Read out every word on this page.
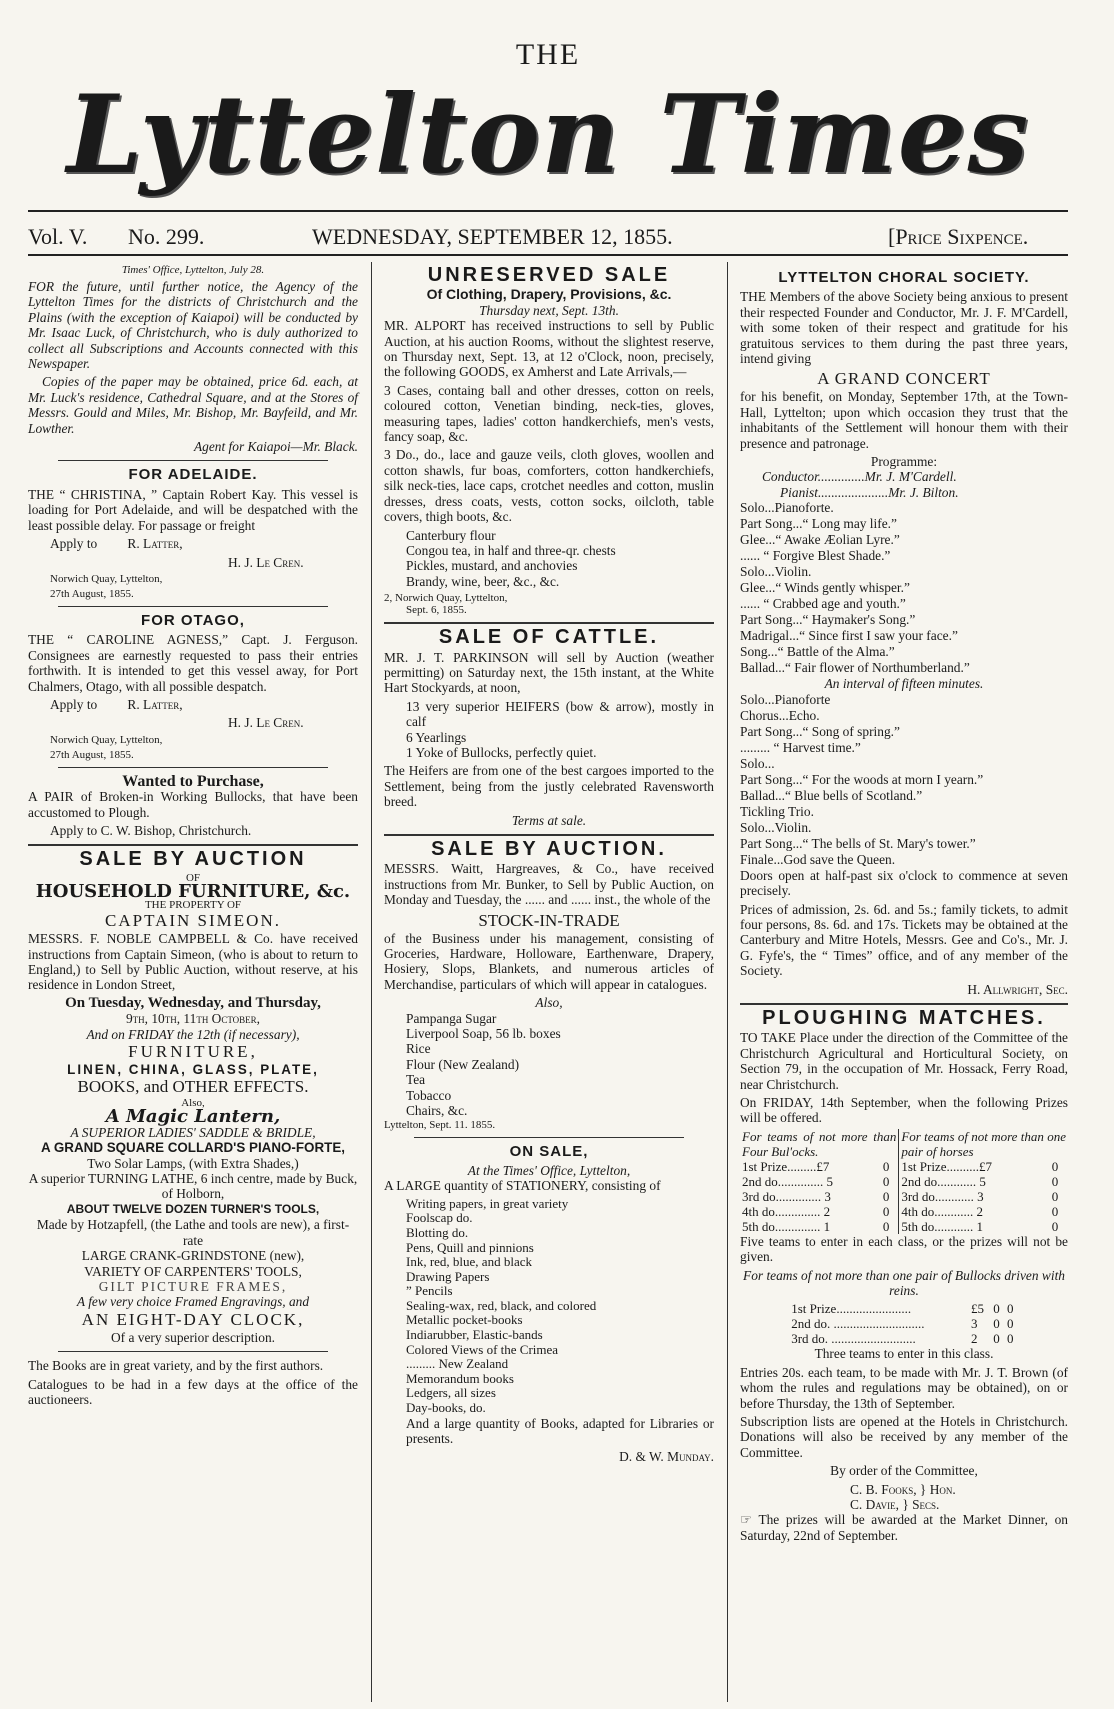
THE
Lyttelton Times
Vol. V. No. 299.	WEDNESDAY, SEPTEMBER 12, 1855.	[Price Sixpence.

Times' Office, Lyttelton, July 28.

FOR the future, until further notice, the Agency of the Lyttelton Times for the districts of Christchurch and the Plains (with the exception of Kaiapoi) will be conducted by Mr. Isaac Luck, of Christchurch, who is duly authorized to collect all Subscriptions and Accounts connected with this Newspaper.

Copies of the paper may be obtained, price 6d. each, at Mr. Luck's residence, Cathedral Square, and at the Stores of Messrs. Gould and Miles, Mr. Bishop, Mr. Bayfeild, and Mr. Lowther.

Agent for Kaiapoi—Mr. Black.

FOR ADELAIDE.

THE “ CHRISTINA, ” Captain Robert Kay. This vessel is loading for Port Adelaide, and will be despatched with the least possible delay. For passage or freight

Apply to R. Latter,

H. J. Le Cren.

Norwich Quay, Lyttelton,

27th August, 1855.

FOR OTAGO,

THE “ CAROLINE AGNESS,” Capt. J. Ferguson. Consignees are earnestly requested to pass their entries forthwith. It is intended to get this vessel away, for Port Chalmers, Otago, with all possible despatch.

Apply to R. Latter,

H. J. Le Cren.

Norwich Quay, Lyttelton,

27th August, 1855.

Wanted to Purchase,

A PAIR of Broken-in Working Bullocks, that have been accustomed to Plough.

Apply to C. W. Bishop, Christchurch.

SALE BY AUCTION
OF
HOUSEHOLD FURNITURE, &c.
THE PROPERTY OF
CAPTAIN SIMEON.

MESSRS. F. NOBLE CAMPBELL & Co. have received instructions from Captain Simeon, (who is about to return to England,) to Sell by Public Auction, without reserve, at his residence in London Street,

On Tuesday, Wednesday, and Thursday,
9th, 10th, 11th October,
And on FRIDAY the 12th (if necessary),
FURNITURE,
LINEN, CHINA, GLASS, PLATE,
BOOKS, and OTHER EFFECTS.
Also,
A Magic Lantern,
A SUPERIOR LADIES' SADDLE & BRIDLE,
A GRAND SQUARE COLLARD'S PIANO-FORTE,
Two Solar Lamps, (with Extra Shades,)
A superior TURNING LATHE, 6 inch centre, made by Buck, of Holborn,
ABOUT TWELVE DOZEN TURNER'S TOOLS,
Made by Hotzapfell, (the Lathe and tools are new), a first-rate
LARGE CRANK-GRINDSTONE (new),
VARIETY OF CARPENTERS' TOOLS,
GILT PICTURE FRAMES,
A few very choice Framed Engravings, and
AN EIGHT-DAY CLOCK,
Of a very superior description.

The Books are in great variety, and by the first authors.

Catalogues to be had in a few days at the office of the auctioneers.

UNRESERVED SALE
Of Clothing, Drapery, Provisions, &c.
Thursday next, Sept. 13th.

MR. ALPORT has received instructions to sell by Public Auction, at his auction Rooms, without the slightest reserve, on Thursday next, Sept. 13, at 12 o'Clock, noon, precisely, the following GOODS, ex Amherst and Late Arrivals,—

3 Cases, containg ball and other dresses, cotton on reels, coloured cotton, Venetian binding, neck-ties, gloves, measuring tapes, ladies' cotton handkerchiefs, men's vests, fancy soap, &c.

3 Do., do., lace and gauze veils, cloth gloves, woollen and cotton shawls, fur boas, comforters, cotton handkerchiefs, silk neck-ties, lace caps, crotchet needles and cotton, muslin dresses, dress coats, vests, cotton socks, oilcloth, table covers, thigh boots, &c.

Canterbury flour

Congou tea, in half and three-qr. chests

Pickles, mustard, and anchovies

Brandy, wine, beer, &c., &c.

2, Norwich Quay, Lyttelton,

Sept. 6, 1855.

SALE OF CATTLE.

MR. J. T. PARKINSON will sell by Auction (weather permitting) on Saturday next, the 15th instant, at the White Hart Stockyards, at noon,

13 very superior HEIFERS (bow & arrow), mostly in calf

6 Yearlings

1 Yoke of Bullocks, perfectly quiet.

The Heifers are from one of the best cargoes imported to the Settlement, being from the justly celebrated Ravensworth breed.

Terms at sale.

SALE BY AUCTION.

MESSRS. Waitt, Hargreaves, & Co., have received instructions from Mr. Bunker, to Sell by Public Auction, on Monday and Tuesday, the ...... and ...... inst., the whole of the

STOCK-IN-TRADE

of the Business under his management, consisting of Groceries, Hardware, Holloware, Earthenware, Drapery, Hosiery, Slops, Blankets, and numerous articles of Merchandise, particulars of which will appear in catalogues.

Also,
Pampanga Sugar
Liverpool Soap, 56 lb. boxes
Rice
Flour (New Zealand)
Tea
Tobacco
Chairs, &c.

Lyttelton, Sept. 11. 1855.

ON SALE,
At the Times' Office, Lyttelton,

A LARGE quantity of STATIONERY, consisting of

Writing papers, in great variety
Foolscap do.
Blotting do.
Pens, Quill and pinnions
Ink, red, blue, and black
Drawing Papers
” Pencils
Sealing-wax, red, black, and colored
Metallic pocket-books
Indiarubber, Elastic-bands
Colored Views of the Crimea
......... New Zealand
Memorandum books
Ledgers, all sizes
Day-books, do.

And a large quantity of Books, adapted for Libraries or presents.

D. & W. Munday.

LYTTELTON CHORAL SOCIETY.

THE Members of the above Society being anxious to present their respected Founder and Conductor, Mr. J. F. M'Cardell, with some token of their respect and gratitude for his gratuitous services to them during the past three years, intend giving

A GRAND CONCERT

for his benefit, on Monday, September 17th, at the Town-Hall, Lyttelton; upon which occasion they trust that the inhabitants of the Settlement will honour them with their presence and patronage.

Programme:
Conductor..............Mr. J. M'Cardell.
Pianist.....................Mr. J. Bilton.
Solo...Pianoforte.
Part Song...“ Long may life.”
Glee...“ Awake Æolian Lyre.”
...... “ Forgive Blest Shade.”
Solo...Violin.
Glee...“ Winds gently whisper.”
...... “ Crabbed age and youth.”
Part Song...“ Haymaker's Song.”
Madrigal...“ Since first I saw your face.”
Song...“ Battle of the Alma.”
Ballad...“ Fair flower of Northumberland.”
An interval of fifteen minutes.
Solo...Pianoforte
Chorus...Echo.
Part Song...“ Song of spring.”
......... “ Harvest time.”
Solo...
Part Song...“ For the woods at morn I yearn.”
Ballad...“ Blue bells of Scotland.”
Tickling Trio.
Solo...Violin.
Part Song...“ The bells of St. Mary's tower.”
Finale...God save the Queen.

Doors open at half-past six o'clock to commence at seven precisely.

Prices of admission, 2s. 6d. and 5s.; family tickets, to admit four persons, 8s. 6d. and 17s. Tickets may be obtained at the Canterbury and Mitre Hotels, Messrs. Gee and Co's., Mr. J. G. Fyfe's, the “ Times” office, and of any member of the Society.

H. Allwright, Sec.

PLOUGHING MATCHES.

TO TAKE Place under the direction of the Committee of the Christchurch Agricultural and Horticultural Society, on Section 79, in the occupation of Mr. Hossack, Ferry Road, near Christchurch.

On FRIDAY, 14th September, when the following Prizes will be offered.

For teams of not more than Four Bul'ocks.		For teams of not more than one pair of horses	
1st Prize.........£7	0	1st Prize..........£7	0
2nd do.............. 5	0	2nd do............ 5	0
3rd do.............. 3	0	3rd do............ 3	0
4th do.............. 2	0	4th do............ 2	0
5th do.............. 1	0	5th do............ 1	0

Five teams to enter in each class, or the prizes will not be given.

For teams of not more than one pair of Bullocks driven with reins.

1st Prize.......................	£5	0	0
2nd do. ............................	3	0	0
3rd do. ..........................	2	0	0

Three teams to enter in this class.

Entries 20s. each team, to be made with Mr. J. T. Brown (of whom the rules and regulations may be obtained), on or before Thursday, the 13th of September.

Subscription lists are opened at the Hotels in Christchurch. Donations will also be received by any member of the Committee.

By order of the Committee,

C. B. Fooks, } Hon.
C. Davie, } Secs.

☞ The prizes will be awarded at the Market Dinner, on Saturday, 22nd of September.
